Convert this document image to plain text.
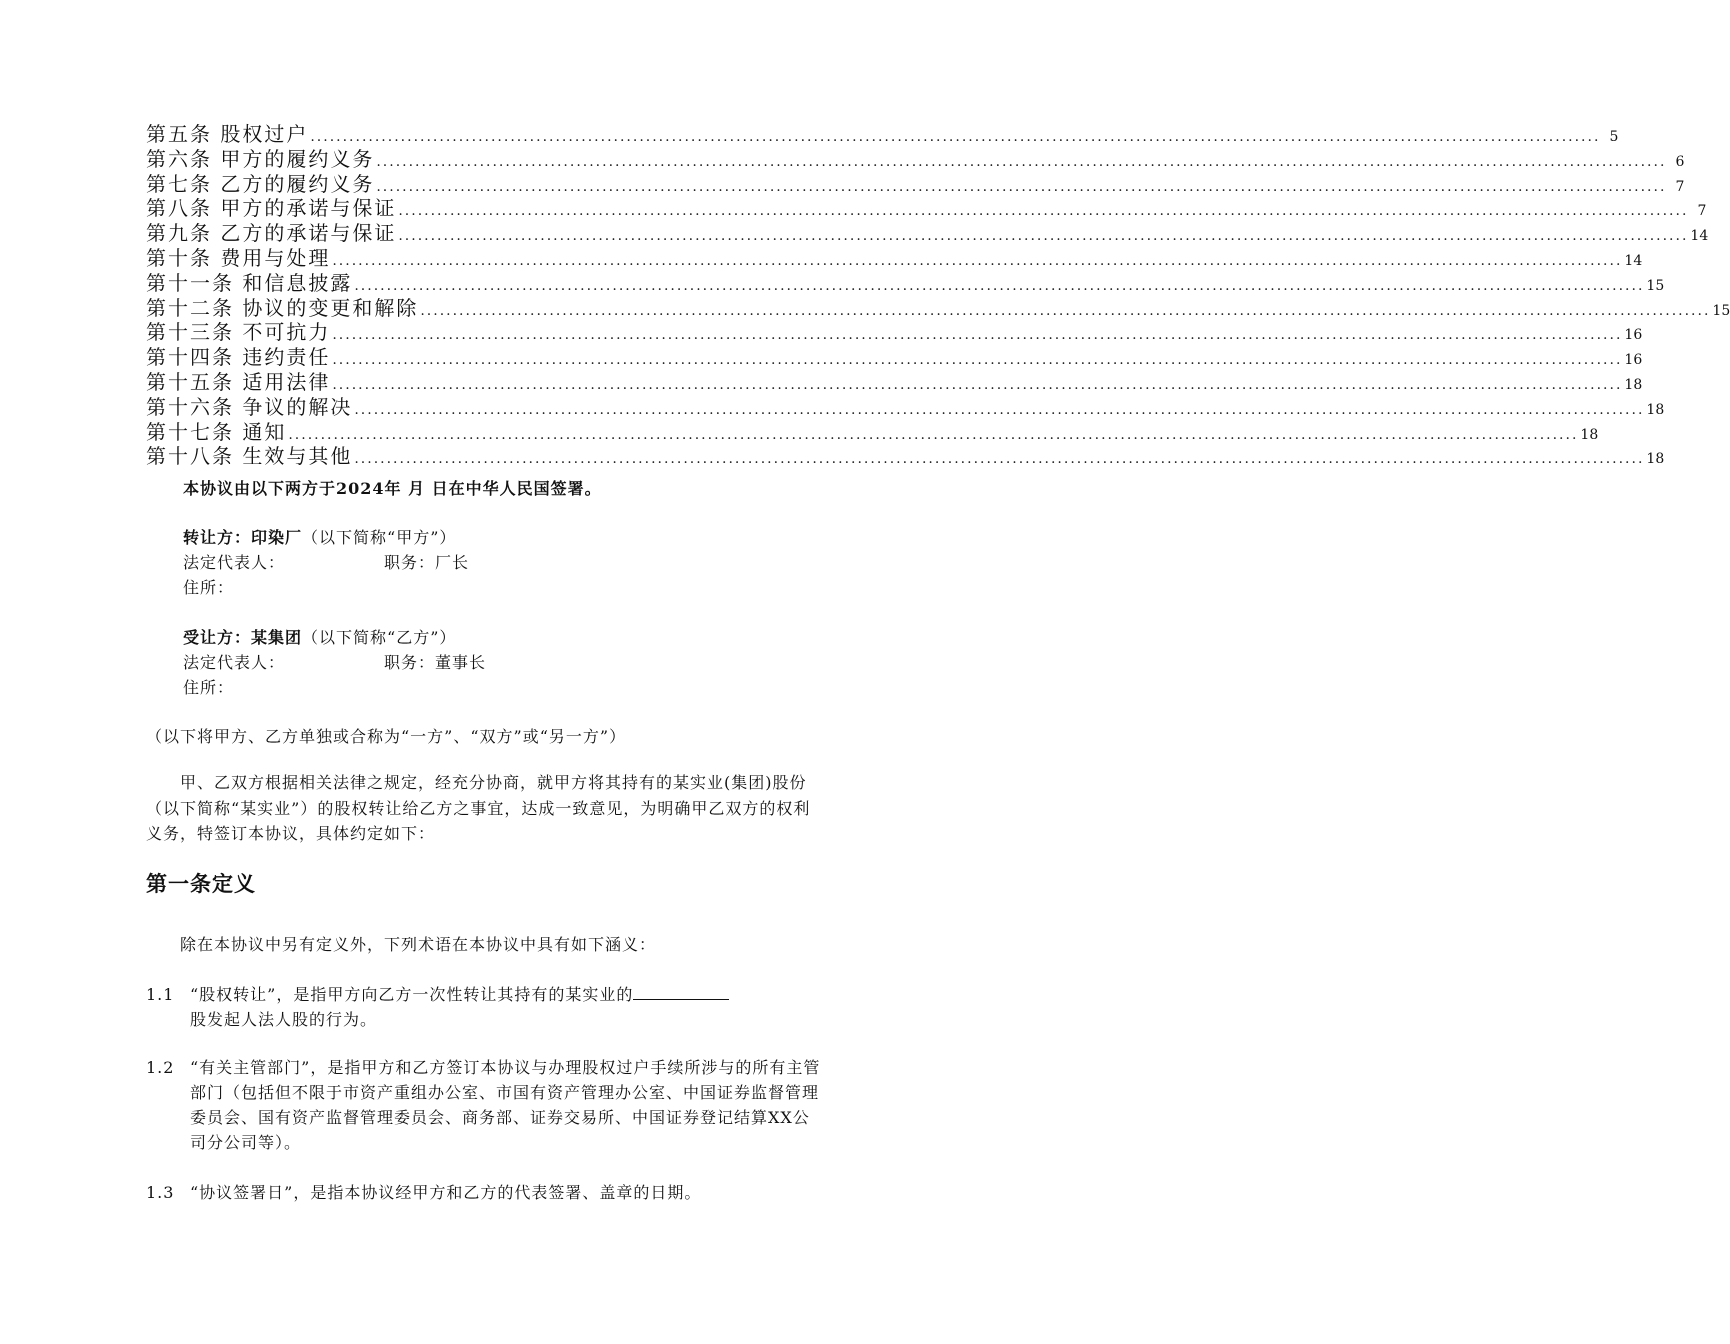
第五条 股权过户 ........................................................................................................................................................................................................ 5
第六条 甲方的履约义务 ........................................................................................................................................................................................................ 6
第七条 乙方的履约义务 ........................................................................................................................................................................................................ 7
第八条 甲方的承诺与保证 ........................................................................................................................................................................................................ 7
第九条 乙方的承诺与保证 ........................................................................................................................................................................................................ 14
第十条 费用与处理 ........................................................................................................................................................................................................ 14
第十一条 和信息披露 ........................................................................................................................................................................................................ 15
第十二条 协议的变更和解除 ........................................................................................................................................................................................................ 15
第十三条 不可抗力 ........................................................................................................................................................................................................ 16
第十四条 违约责任 ........................................................................................................................................................................................................ 16
第十五条 适用法律 ........................................................................................................................................................................................................ 18
第十六条 争议的解决 ........................................................................................................................................................................................................ 18
第十七条 通知 ........................................................................................................................................................................................................ 18
第十八条 生效与其他 ........................................................................................................................................................................................................ 18
本协议由以下两方于2024年 月 日在中华人民国签署。
转让方：印染厂（以下简称“甲方”）
法定代表人：	职务：厂长
住所：
受让方：某集团（以下简称“乙方”）
法定代表人：	职务：董事长
住所：
（以下将甲方、乙方单独或合称为“一方”、“双方”或“另一方”）
甲、乙双方根据相关法律之规定，经充分协商，就甲方将其持有的某实业(集团)股份（以下简称“某实业”）的股权转让给乙方之事宜，达成一致意见，为明确甲乙双方的权利义务，特签订本协议，具体约定如下：
第一条定义
除在本协议中另有定义外，下列术语在本协议中具有如下涵义：
1.1 “股权转让”，是指甲方向乙方一次性转让其持有的某实业的
股发起人法人股的行为。
1.2 “有关主管部门”，是指甲方和乙方签订本协议与办理股权过户手续所涉与的所有主管部门（包括但不限于市资产重组办公室、市国有资产管理办公室、中国证券监督管理委员会、国有资产监督管理委员会、商务部、证券交易所、中国证券登记结算XX公司分公司等）。
1.3 “协议签署日”，是指本协议经甲方和乙方的代表签署、盖章的日期。
